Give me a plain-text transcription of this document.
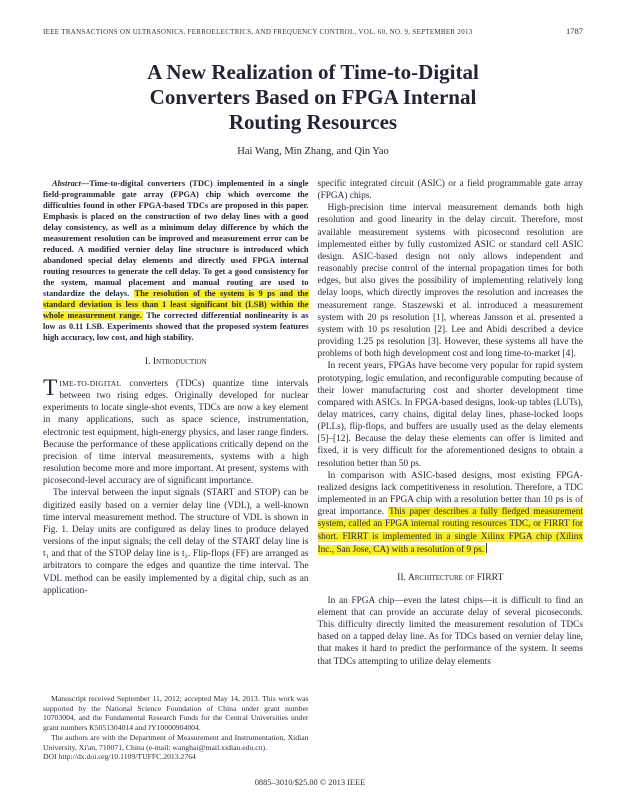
IEEE TRANSACTIONS ON ULTRASONICS, FERROELECTRICS, AND FREQUENCY CONTROL, VOL. 60, NO. 9, SEPTEMBER 2013	1787
A New Realization of Time-to-Digital
Converters Based on FPGA Internal
Routing Resources
Hai Wang, Min Zhang, and Qin Yao

Abstract—Time-to-digital converters (TDC) implemented in a single field-programmable gate array (FPGA) chip which overcome the difficulties found in other FPGA-based TDCs are proposed in this paper. Emphasis is placed on the construction of two delay lines with a good delay consistency, as well as a minimum delay difference by which the measurement resolution can be improved and measurement error can be reduced. A modified vernier delay line structure is introduced which abandoned special delay elements and directly used FPGA internal routing resources to generate the cell delay. To get a good consistency for the system, manual placement and manual routing are used to standardize the delays. The resolution of the system is 9 ps and the standard deviation is less than 1 least significant bit (LSB) within the whole measurement range. The corrected differential nonlinearity is as low as 0.11 LSB. Experiments showed that the proposed system features high accuracy, low cost, and high stability.

I. Introduction

TIME-TO-DIGITAL converters (TDCs) quantize time intervals between two rising edges. Originally developed for nuclear experiments to locate single-shot events, TDCs are now a key element in many applications, such as space science, instrumentation, electronic test equipment, high-energy physics, and laser range finders. Because the performance of these applications critically depend on the precision of time interval measurements, systems with a high resolution become more and more important. At present, systems with picosecond-level accuracy are of significant importance.

The interval between the input signals (START and STOP) can be digitized easily based on a vernier delay line (VDL), a well-known time interval measurement method. The structure of VDL is shown in Fig. 1. Delay units are configured as delay lines to produce delayed versions of the input signals; the cell delay of the START delay line is t₁ and that of the STOP delay line is t₂. Flip-flops (FF) are arranged as arbitrators to compare the edges and quantize the time interval. The VDL method can be easily implemented by a digital chip, such as an application-

Manuscript received September 11, 2012; accepted May 14, 2013. This work was supported by the National Science Foundation of China under grant number 10703004, and the Fundamental Research Funds for the Central Universities under grant numbers K5051304014 and JY10000904004.

The authors are with the Department of Measurement and Instrumentation, Xidian University, Xi'an, 710071, China (e-mail: wanghai@mail.xidian.edu.cn).

DOI http://dx.doi.org/10.1109/TUFFC.2013.2764

specific integrated circuit (ASIC) or a field programmable gate array (FPGA) chips.

High-precision time interval measurement demands both high resolution and good linearity in the delay circuit. Therefore, most available measurement systems with picosecond resolution are implemented either by fully customized ASIC or standard cell ASIC design. ASIC-based design not only allows independent and reasonably precise control of the internal propagation times for both edges, but also gives the possibility of implementing relatively long delay loops, which directly improves the resolution and increases the measurement range. Staszewski et al. introduced a measurement system with 20 ps resolution [1], whereas Jansson et al. presented a system with 10 ps resolution [2]. Lee and Abidi described a device providing 1.25 ps resolution [3]. However, these systems all have the problems of both high development cost and long time-to-market [4].

In recent years, FPGAs have become very popular for rapid system prototyping, logic emulation, and reconfigurable computing because of their lower manufacturing cost and shorter development time compared with ASICs. In FPGA-based designs, look-up tables (LUTs), delay matrices, carry chains, digital delay lines, phase-locked loops (PLLs), flip-flops, and buffers are usually used as the delay elements [5]–[12]. Because the delay these elements can offer is limited and fixed, it is very difficult for the aforementioned designs to obtain a resolution better than 50 ps.

In comparison with ASIC-based designs, most existing FPGA-realized designs lack competitiveness in resolution. Therefore, a TDC implemented in an FPGA chip with a resolution better than 10 ps is of great importance. This paper describes a fully fledged measurement system, called an FPGA internal routing resources TDC, or FIRRT for short. FIRRT is implemented in a single Xilinx FPGA chip (Xilinx Inc., San Jose, CA) with a resolution of 9 ps.

II. Architecture of FIRRT

In an FPGA chip—even the latest chips—it is difficult to find an element that can provide an accurate delay of several picoseconds. This difficulty directly limited the measurement resolution of TDCs based on a tapped delay line. As for TDCs based on vernier delay line, that makes it hard to predict the performance of the system. It seems that TDCs attempting to utilize delay elements

0885–3010/$25.00 © 2013 IEEE
